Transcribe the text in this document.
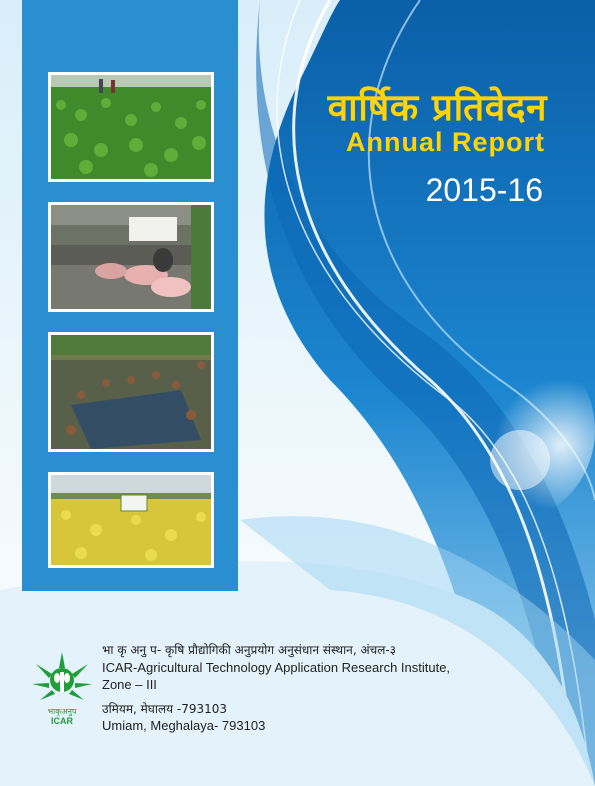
वार्षिक प्रतिवेदन
Annual Report
2015-16
भाकृअनुप
ICAR
भा कृ अनु प- कृषि प्रौद्योगिकी अनुप्रयोग अनुसंधान संस्थान, अंचल-३
ICAR-Agricultural Technology Application Research Institute,
Zone – III
उमियम, मेघालय -793103
Umiam, Meghalaya- 793103
